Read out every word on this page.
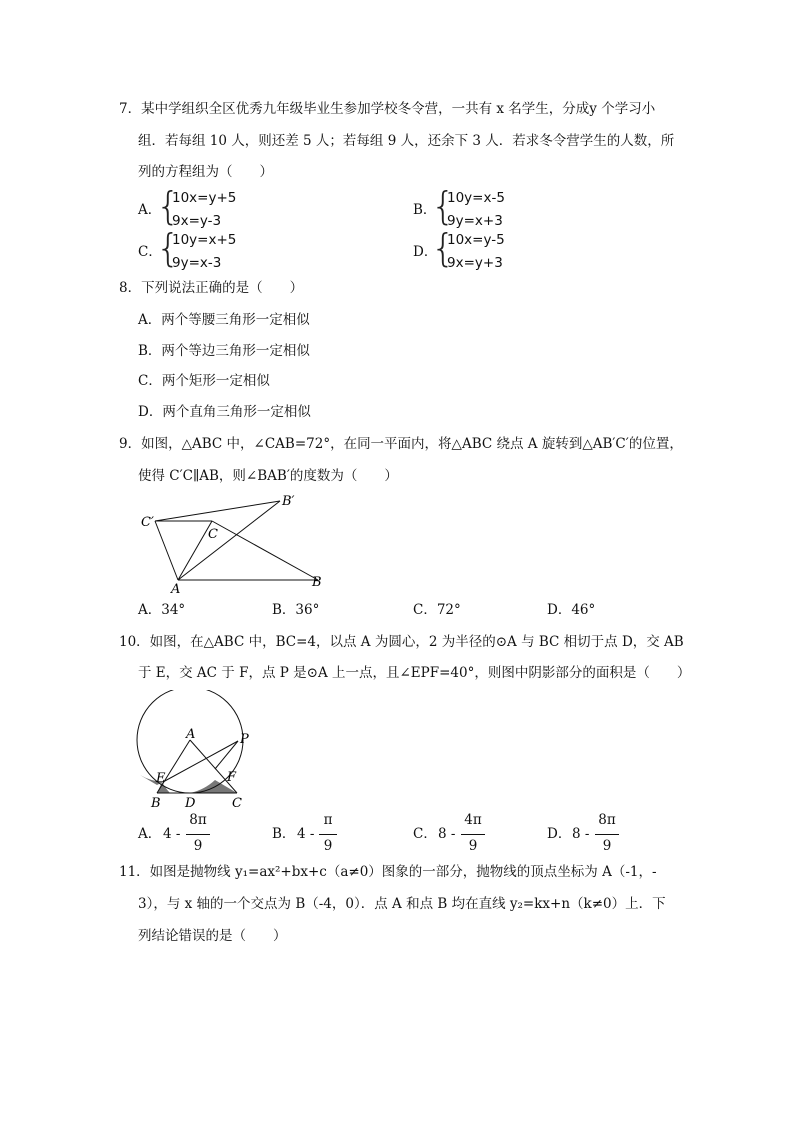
7．某中学组织全区优秀九年级毕业生参加学校冬令营，一共有 x 名学生，分成y 个学习小
组．若每组 10 人，则还差 5 人；若每组 9 人，还余下 3 人．若求冬令营学生的人数，所
列的方程组为（　　）
A．
{
10x=y+5
9x=y-3
B．
{
10y=x-5
9y=x+3
C．
{
10y=x+5
9y=x-3
D．
{
10x=y-5
9x=y+3
8．下列说法正确的是（　　）
A．两个等腰三角形一定相似
B．两个等边三角形一定相似
C．两个矩形一定相似
D．两个直角三角形一定相似
9．如图，△ABC 中，∠CAB=72°，在同一平面内，将△ABC 绕点 A 旋转到△AB′C′的位置，
使得 C′C∥AB，则∠BAB′的度数为（　　）
A	B
C
B′
C′
A．34°	B．36°	C．72°	D．46°
10．如图，在△ABC 中，BC=4，以点 A 为圆心，2 为半径的⊙A 与 BC 相切于点 D，交 AB
于 E，交 AC 于 F，点 P 是⊙A 上一点，且∠EPF=40°，则图中阴影部分的面积是（　　）
A
B	C
D
E	F
P
A． 4 -
8π
9
B． 4 -
π
9
C． 8 -
4π
9
D． 8 -
8π
9
11．如图是抛物线 y₁=ax²+bx+c（a≠0）图象的一部分，抛物线的顶点坐标为 A（-1，-
3），与 x 轴的一个交点为 B（-4，0）．点 A 和点 B 均在直线 y₂=kx+n（k≠0）上．下
列结论错误的是（　　）
